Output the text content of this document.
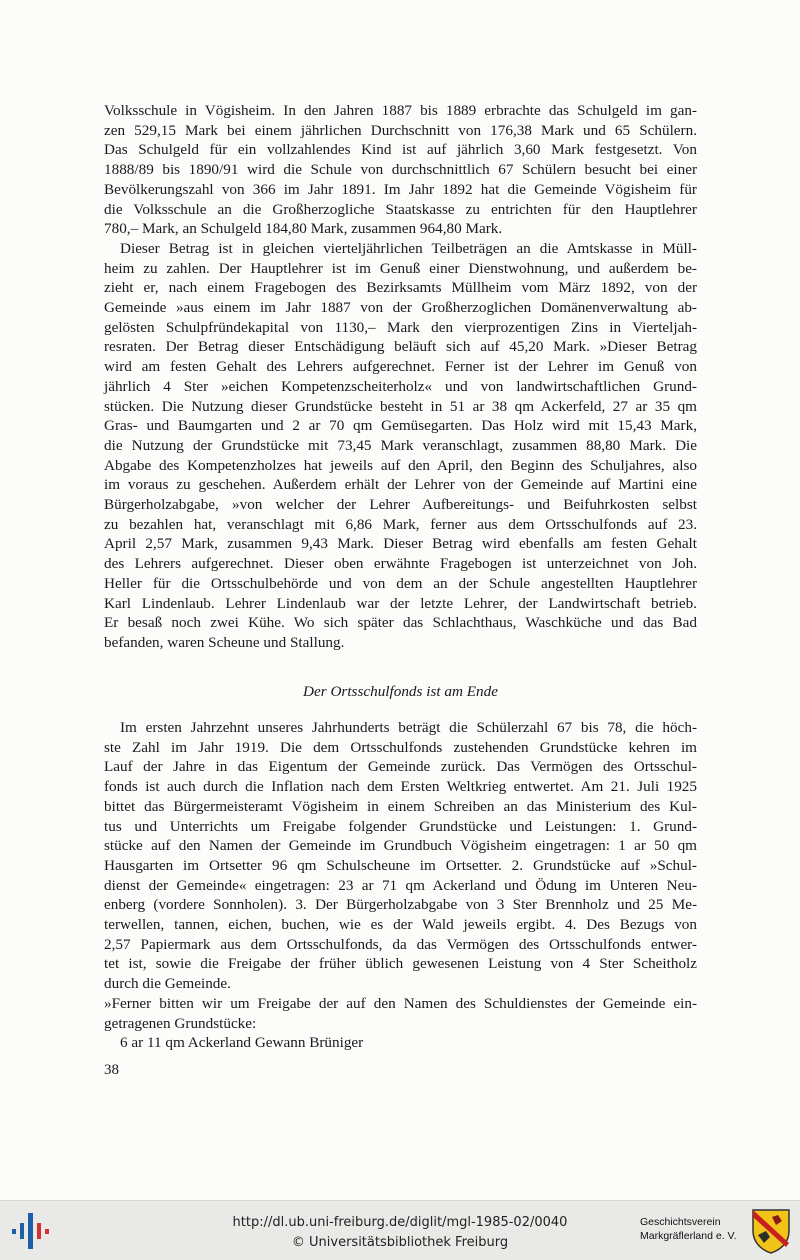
Volksschule in Vögisheim. In den Jahren 1887 bis 1889 erbrachte das Schulgeld im gan-
zen 529,15 Mark bei einem jährlichen Durchschnitt von 176,38 Mark und 65 Schülern.
Das Schulgeld für ein vollzahlendes Kind ist auf jährlich 3,60 Mark festgesetzt. Von
1888/89 bis 1890/91 wird die Schule von durchschnittlich 67 Schülern besucht bei einer
Bevölkerungszahl von 366 im Jahr 1891. Im Jahr 1892 hat die Gemeinde Vögisheim für
die Volksschule an die Großherzogliche Staatskasse zu entrichten für den Hauptlehrer
780,– Mark, an Schulgeld 184,80 Mark, zusammen 964,80 Mark.
Dieser Betrag ist in gleichen vierteljährlichen Teilbeträgen an die Amtskasse in Müll-
heim zu zahlen. Der Hauptlehrer ist im Genuß einer Dienstwohnung, und außerdem be-
zieht er, nach einem Fragebogen des Bezirksamts Müllheim vom März 1892, von der
Gemeinde »aus einem im Jahr 1887 von der Großherzoglichen Domänenverwaltung ab-
gelösten Schulpfründekapital von 1130,– Mark den vierprozentigen Zins in Vierteljah-
resraten. Der Betrag dieser Entschädigung beläuft sich auf 45,20 Mark. »Dieser Betrag
wird am festen Gehalt des Lehrers aufgerechnet. Ferner ist der Lehrer im Genuß von
jährlich 4 Ster »eichen Kompetenzscheiterholz« und von landwirtschaftlichen Grund-
stücken. Die Nutzung dieser Grundstücke besteht in 51 ar 38 qm Ackerfeld, 27 ar 35 qm
Gras- und Baumgarten und 2 ar 70 qm Gemüsegarten. Das Holz wird mit 15,43 Mark,
die Nutzung der Grundstücke mit 73,45 Mark veranschlagt, zusammen 88,80 Mark. Die
Abgabe des Kompetenzholzes hat jeweils auf den April, den Beginn des Schuljahres, also
im voraus zu geschehen. Außerdem erhält der Lehrer von der Gemeinde auf Martini eine
Bürgerholzabgabe, »von welcher der Lehrer Aufbereitungs- und Beifuhrkosten selbst
zu bezahlen hat, veranschlagt mit 6,86 Mark, ferner aus dem Ortsschulfonds auf 23.
April 2,57 Mark, zusammen 9,43 Mark. Dieser Betrag wird ebenfalls am festen Gehalt
des Lehrers aufgerechnet. Dieser oben erwähnte Fragebogen ist unterzeichnet von Joh.
Heller für die Ortsschulbehörde und von dem an der Schule angestellten Hauptlehrer
Karl Lindenlaub. Lehrer Lindenlaub war der letzte Lehrer, der Landwirtschaft betrieb.
Er besaß noch zwei Kühe. Wo sich später das Schlachthaus, Waschküche und das Bad
befanden, waren Scheune und Stallung.
Der Ortsschulfonds ist am Ende
Im ersten Jahrzehnt unseres Jahrhunderts beträgt die Schülerzahl 67 bis 78, die höch-
ste Zahl im Jahr 1919. Die dem Ortsschulfonds zustehenden Grundstücke kehren im
Lauf der Jahre in das Eigentum der Gemeinde zurück. Das Vermögen des Ortsschul-
fonds ist auch durch die Inflation nach dem Ersten Weltkrieg entwertet. Am 21. Juli 1925
bittet das Bürgermeisteramt Vögisheim in einem Schreiben an das Ministerium des Kul-
tus und Unterrichts um Freigabe folgender Grundstücke und Leistungen: 1. Grund-
stücke auf den Namen der Gemeinde im Grundbuch Vögisheim eingetragen: 1 ar 50 qm
Hausgarten im Ortsetter 96 qm Schulscheune im Ortsetter. 2. Grundstücke auf »Schul-
dienst der Gemeinde« eingetragen: 23 ar 71 qm Ackerland und Ödung im Unteren Neu-
enberg (vordere Sonnholen). 3. Der Bürgerholzabgabe von 3 Ster Brennholz und 25 Me-
terwellen, tannen, eichen, buchen, wie es der Wald jeweils ergibt. 4. Des Bezugs von
2,57 Papiermark aus dem Ortsschulfonds, da das Vermögen des Ortsschulfonds entwer-
tet ist, sowie die Freigabe der früher üblich gewesenen Leistung von 4 Ster Scheitholz
durch die Gemeinde.
»Ferner bitten wir um Freigabe der auf den Namen des Schuldienstes der Gemeinde ein-
getragenen Grundstücke:
6 ar 11 qm Ackerland Gewann Brüniger
38
http://dl.ub.uni-freiburg.de/diglit/mgl-1985-02/0040
© Universitätsbibliothek Freiburg
Geschichtsverein
Markgräflerland e. V.
